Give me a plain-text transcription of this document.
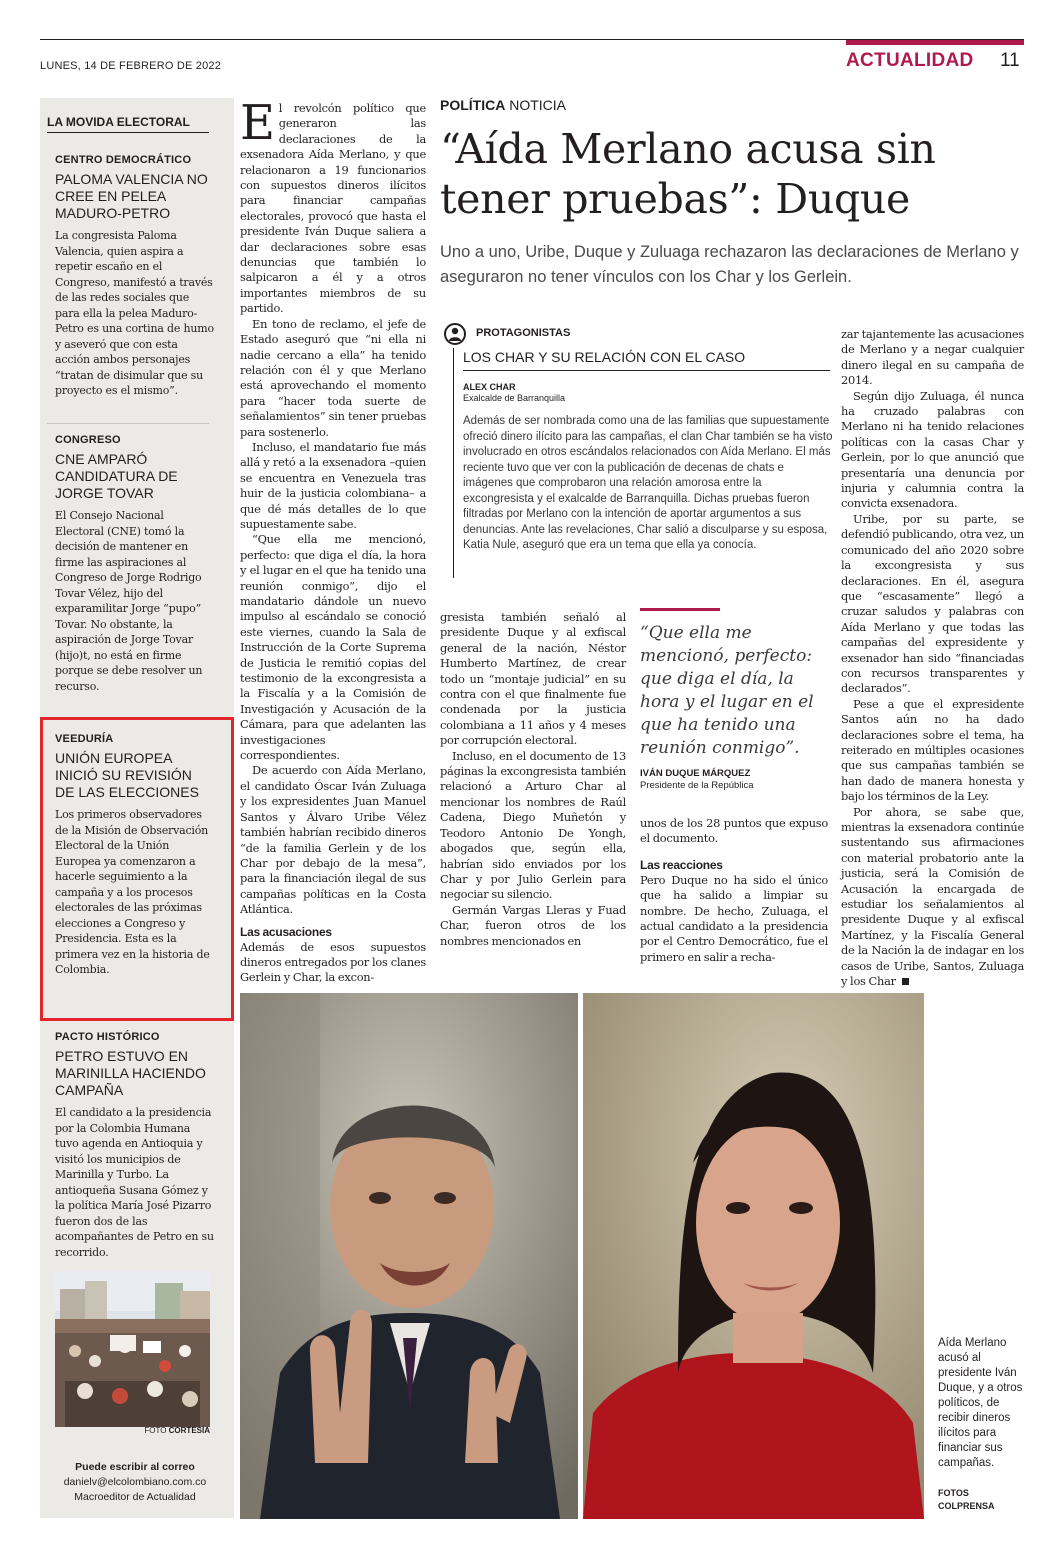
LUNES, 14 DE FEBRERO DE 2022	ACTUALIDAD 11
LA MOVIDA ELECTORAL
CENTRO DEMOCRÁTICO
PALOMA VALENCIA NO CREE EN PELEA MADURO-PETRO
La congresista Paloma Valencia, quien aspira a repetir escaño en el Congreso, manifestó a través de las redes sociales que para ella la pelea Maduro-Petro es una cortina de humo y aseveró que con esta acción ambos personajes “tratan de disimular que su proyecto es el mismo”.
CONGRESO
CNE AMPARÓ CANDIDATURA DE JORGE TOVAR
El Consejo Nacional Electoral (CNE) tomó la decisión de mantener en firme las aspiraciones al Congreso de Jorge Rodrigo Tovar Vélez, hijo del exparamilitar Jorge “pupo” Tovar. No obstante, la aspiración de Jorge Tovar (hijo)t, no está en firme porque se debe resolver un recurso.
VEEDURÍA
UNIÓN EUROPEA INICIÓ SU REVISIÓN DE LAS ELECCIONES
Los primeros observadores de la Misión de Observación Electoral de la Unión Europea ya comenzaron a hacerle seguimiento a la campaña y a los procesos electorales de las próximas elecciones a Congreso y Presidencia. Esta es la primera vez en la historia de Colombia.
PACTO HISTÓRICO
PETRO ESTUVO EN MARINILLA HACIENDO CAMPAÑA
El candidato a la presidencia por la Colombia Humana tuvo agenda en Antioquia y visitó los municipios de Marinilla y Turbo. La antioqueña Susana Gómez y la política María José Pizarro fueron dos de las acompañantes de Petro en su recorrido.
FOTO CORTESÍA
Puede escribir al correo
danielv@elcolombiano.com.co
Macroeditor de Actualidad
POLÍTICA NOTICIA
“Aída Merlano acusa sin tener pruebas”: Duque
Uno a uno, Uribe, Duque y Zuluaga rechazaron las declaraciones de Merlano y aseguraron no tener vínculos con los Char y los Gerlein.

El revolcón político que generaron las declaraciones de la exsenadora Aída Merlano, y que relacionaron a 19 funcionarios con supuestos dineros ilícitos para financiar campañas electorales, provocó que hasta el presidente Iván Duque saliera a dar declaraciones sobre esas denuncias que también lo salpicaron a él y a otros importantes miembros de su partido.

En tono de reclamo, el jefe de Estado aseguró que “ni ella ni nadie cercano a ella” ha tenido relación con él y que Merlano está aprovechando el momento para “hacer toda suerte de señalamientos” sin tener pruebas para sostenerlo.

Incluso, el mandatario fue más allá y retó a la exsenadora –quien se encuentra en Venezuela tras huir de la justicia colombiana– a que dé más detalles de lo que supuestamente sabe.

“Que ella me mencionó, perfecto: que diga el día, la hora y el lugar en el que ha tenido una reunión conmigo”, dijo el mandatario dándole un nuevo impulso al escándalo se conoció este viernes, cuando la Sala de Instrucción de la Corte Suprema de Justicia le remitió copias del testimonio de la excongresista a la Fiscalía y a la Comisión de Investigación y Acusación de la Cámara, para que adelanten las investigaciones correspondientes.

De acuerdo con Aída Merlano, el candidato Óscar Iván Zuluaga y los expresidentes Juan Manuel Santos y Álvaro Uribe Vélez también habrían recibido dineros “de la familia Gerlein y de los Char por debajo de la mesa”, para la financiación ilegal de sus campañas políticas en la Costa Atlántica.

Las acusaciones

Además de esos supuestos dineros entregados por los clanes Gerlein y Char, la excon-

PROTAGONISTAS
LOS CHAR Y SU RELACIÓN CON EL CASO
ALEX CHAR
Exalcalde de Barranquilla
Además de ser nombrada como una de las familias que supuestamente ofreció dinero ilícito para las campañas, el clan Char también se ha visto involucrado en otros escándalos relacionados con Aída Merlano. El más reciente tuvo que ver con la publicación de decenas de chats e imágenes que comprobaron una relación amorosa entre la excongresista y el exalcalde de Barranquilla. Dichas pruebas fueron filtradas por Merlano con la intención de aportar argumentos a sus denuncias. Ante las revelaciones, Char salió a disculparse y su esposa, Katia Nule, aseguró que era un tema que ella ya conocía.

gresista también señaló al presidente Duque y al exfiscal general de la nación, Néstor Humberto Martínez, de crear todo un “montaje judicial” en su contra con el que finalmente fue condenada por la justicia colombiana a 11 años y 4 meses por corrupción electoral.

Incluso, en el documento de 13 páginas la excongresista también relacionó a Arturo Char al mencionar los nombres de Raúl Cadena, Diego Muñetón y Teodoro Antonio De Yongh, abogados que, según ella, habrían sido enviados por los Char y por Julio Gerlein para negociar su silencio.

Germán Vargas Lleras y Fuad Char, fueron otros de los nombres mencionados en

“Que ella me mencionó, perfecto: que diga el día, la hora y el lugar en el que ha tenido una reunión conmigo”.
IVÁN DUQUE MÁRQUEZ
Presidente de la República

unos de los 28 puntos que expuso el documento.

Las reacciones

Pero Duque no ha sido el único que ha salido a limpiar su nombre. De hecho, Zuluaga, el actual candidato a la presidencia por el Centro Democrático, fue el primero en salir a recha-

zar tajantemente las acusaciones de Merlano y a negar cualquier dinero ilegal en su campaña de 2014.

Según dijo Zuluaga, él nunca ha cruzado palabras con Merlano ni ha tenido relaciones políticas con la casas Char y Gerlein, por lo que anunció que presentaría una denuncia por injuria y calumnia contra la convicta exsenadora.

Uribe, por su parte, se defendió publicando, otra vez, un comunicado del año 2020 sobre la excongresista y sus declaraciones. En él, asegura que “escasamente” llegó a cruzar saludos y palabras con Aída Merlano y que todas las campañas del expresidente y exsenador han sido “financiadas con recursos transparentes y declarados”.

Pese a que el expresidente Santos aún no ha dado declaraciones sobre el tema, ha reiterado en múltiples ocasiones que sus campañas también se han dado de manera honesta y bajo los términos de la Ley.

Por ahora, se sabe que, mientras la exsenadora continúe sustentando sus afirmaciones con material probatorio ante la justicia, será la Comisión de Acusación la encargada de estudiar los señalamientos al presidente Duque y al exfiscal Martínez, y la Fiscalía General de la Nación la de indagar en los casos de Uribe, Santos, Zuluaga y los Char

Aída Merlano acusó al presidente Iván Duque, y a otros políticos, de recibir dineros ilícitos para financiar sus campañas.
FOTOS
COLPRENSA
